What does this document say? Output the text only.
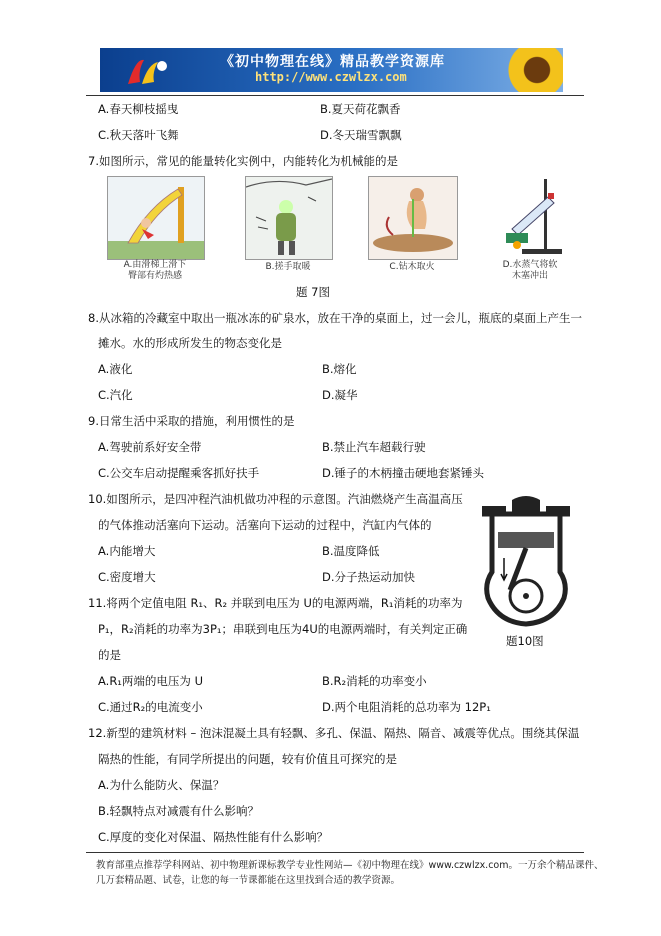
《初中物理在线》精品教学资源库
http://www.czwlzx.com
A.春天柳枝摇曳	B.夏天荷花飘香
C.秋天落叶飞舞	D.冬天瑞雪飘飘
7.如图所示，常见的能量转化实例中，内能转化为机械能的是
A.由滑梯上滑下
臀部有灼热感
B.搓手取暖	C.钻木取火	D.水蒸气将软
木塞冲出
题 7图
8.从冰箱的冷藏室中取出一瓶冰冻的矿泉水，放在干净的桌面上，过一会儿，瓶底的桌面上产生一
摊水。水的形成所发生的物态变化是
A.液化	B.熔化
C.汽化	D.凝华
9.日常生活中采取的措施，利用惯性的是
A.驾驶前系好安全带	B.禁止汽车超载行驶
C.公交车启动提醒乘客抓好扶手	D.锤子的木柄撞击硬地套紧锤头
10.如图所示，是四冲程汽油机做功冲程的示意图。汽油燃烧产生高温高压
的气体推动活塞向下运动。活塞向下运动的过程中，汽缸内气体的
A.内能增大	B.温度降低
C.密度增大	D.分子热运动加快
题10图
11.将两个定值电阻 R₁、R₂ 并联到电压为 U的电源两端，R₁消耗的功率为
P₁，R₂消耗的功率为3P₁；串联到电压为4U的电源两端时，有关判定正确
的是
A.R₁两端的电压为 U	B.R₂消耗的功率变小
C.通过R₂的电流变小	D.两个电阻消耗的总功率为 12P₁
12.新型的建筑材料 – 泡沫混凝土具有轻飘、多孔、保温、隔热、隔音、减震等优点。围绕其保温
隔热的性能，有同学所提出的问题，较有价值且可探究的是
A.为什么能防火、保温？
B.轻飘特点对减震有什么影响？
C.厚度的变化对保温、隔热性能有什么影响？
教育部重点推荐学科网站、初中物理新课标教学专业性网站—《初中物理在线》www.czwlzx.com。一万余个精品课件、
几万套精品题、试卷，让您的每一节课都能在这里找到合适的教学资源。
